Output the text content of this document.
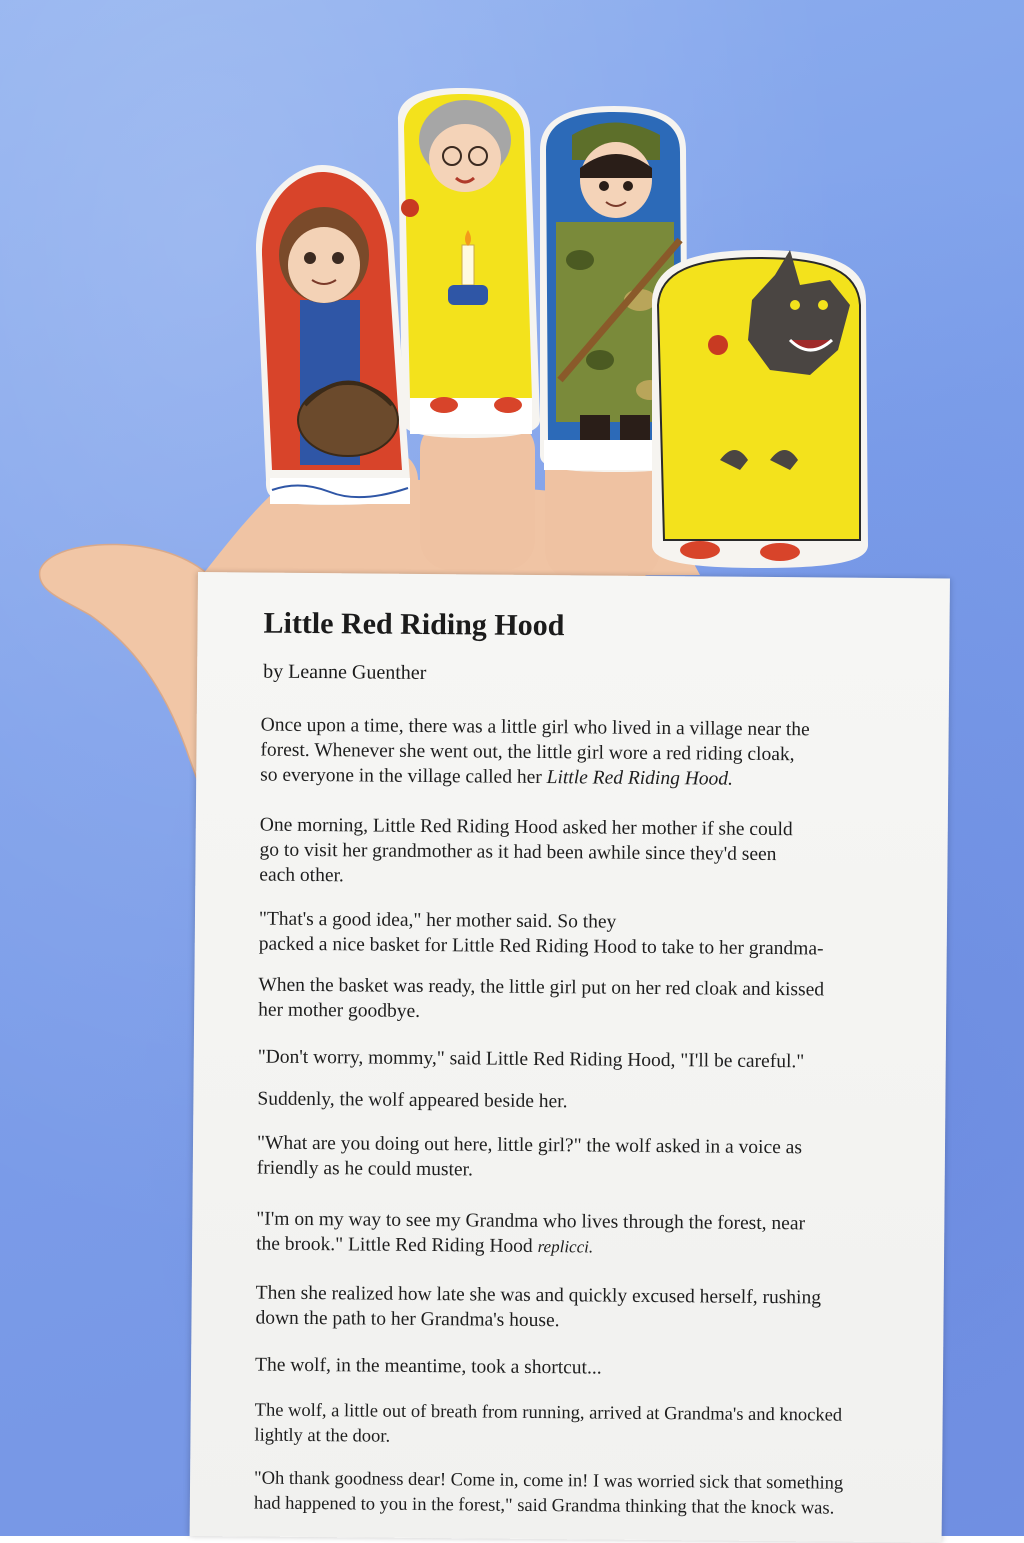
Little Red Riding Hood
by Leanne Guenther
Once upon a time, there was a little girl who lived in a village near the
forest. Whenever she went out, the little girl wore a red riding cloak,
so everyone in the village called her Little Red Riding Hood.
One morning, Little Red Riding Hood asked her mother if she could
go to visit her grandmother as it had been awhile since they'd seen
each other.
"That's a good idea," her mother said. So they
packed a nice basket for Little Red Riding Hood to take to her grandma-
When the basket was ready, the little girl put on her red cloak and kissed
her mother goodbye.
"Don't worry, mommy," said Little Red Riding Hood, "I'll be careful."
Suddenly, the wolf appeared beside her.
"What are you doing out here, little girl?" the wolf asked in a voice as
friendly as he could muster.
"I'm on my way to see my Grandma who lives through the forest, near
the brook." Little Red Riding Hood replicci.
Then she realized how late she was and quickly excused herself, rushing
down the path to her Grandma's house.
The wolf, in the meantime, took a shortcut...
The wolf, a little out of breath from running, arrived at Grandma's and knocked
lightly at the door.
"Oh thank goodness dear! Come in, come in! I was worried sick that something
had happened to you in the forest," said Grandma thinking that the knock was.
